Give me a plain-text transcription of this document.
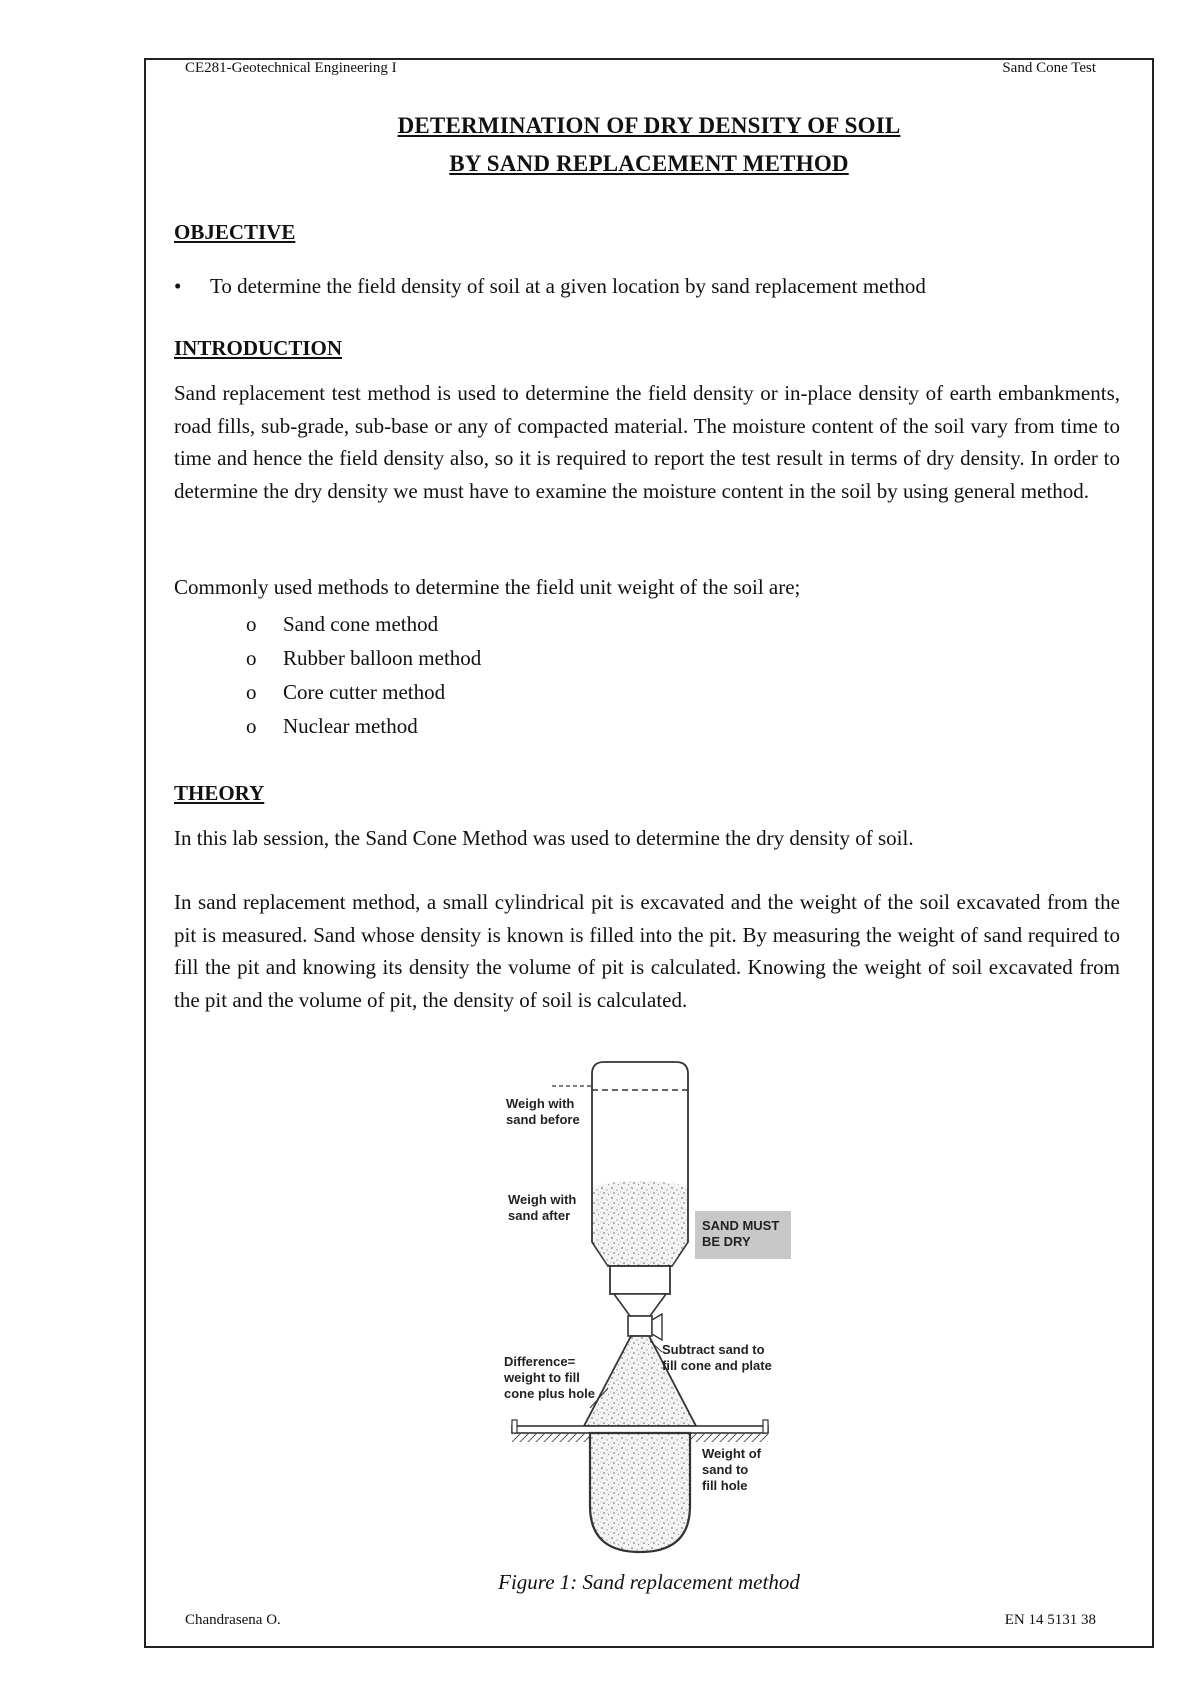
CE281-Geotechnical Engineering I	Sand Cone Test
DETERMINATION OF DRY DENSITY OF SOIL
BY SAND REPLACEMENT METHOD
OBJECTIVE
• To determine the field density of soil at a given location by sand replacement method
INTRODUCTION

Sand replacement test method is used to determine the field density or in-place density of earth embankments, road fills, sub-grade, sub-base or any of compacted material. The moisture content of the soil vary from time to time and hence the field density also, so it is required to report the test result in terms of dry density. In order to determine the dry density we must have to examine the moisture content in the soil by using general method.

Commonly used methods to determine the field unit weight of the soil are;

o Sand cone method
o Rubber balloon method
o Core cutter method
o Nuclear method
THEORY

In this lab session, the Sand Cone Method was used to determine the dry density of soil.

In sand replacement method, a small cylindrical pit is excavated and the weight of the soil excavated from the pit is measured. Sand whose density is known is filled into the pit. By measuring the weight of sand required to fill the pit and knowing its density the volume of pit is calculated. Knowing the weight of soil excavated from the pit and the volume of pit, the density of soil is calculated.

Weigh with
sand before
Weigh with
sand after
SAND MUST
BE DRY
Subtract sand to
fill cone and plate
Difference=
weight to fill
cone plus hole
Weight of
sand to
fill hole
Figure 1: Sand replacement method
Chandrasena O.	EN 14 5131 38
